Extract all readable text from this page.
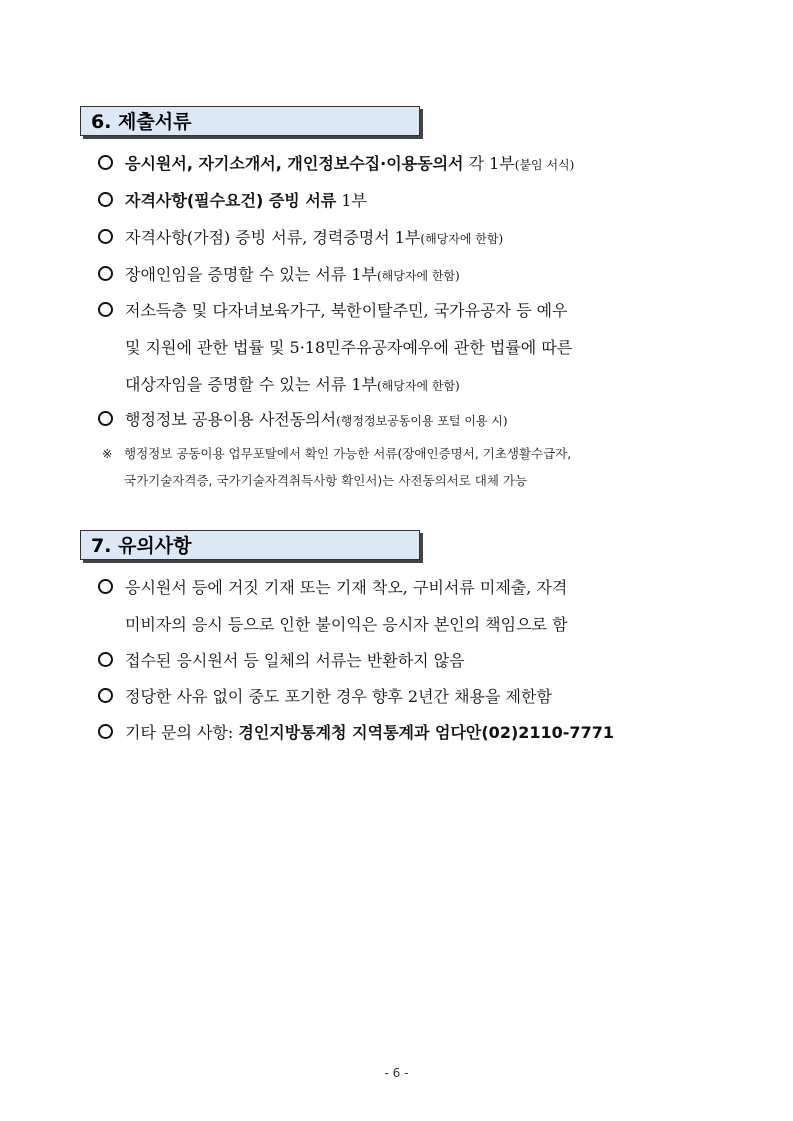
6. 제출서류
응시원서, 자기소개서, 개인정보수집·이용동의서 각 1부(붙임 서식)
자격사항(필수요건) 증빙 서류 1부
자격사항(가점) 증빙 서류, 경력증명서 1부(해당자에 한함)
장애인임을 증명할 수 있는 서류 1부(해당자에 한함)
저소득층 및 다자녀보육가구, 북한이탈주민, 국가유공자 등 예우
및 지원에 관한 법률 및 5·18민주유공자예우에 관한 법률에 따른
대상자임을 증명할 수 있는 서류 1부(해당자에 한함)
행정정보 공용이용 사전동의서(행정정보공동이용 포털 이용 시)
※ 행정정보 공동이용 업무포탈에서 확인 가능한 서류(장애인증명서, 기초생활수급자,
국가기술자격증, 국가기술자격취득사항 확인서)는 사전동의서로 대체 가능
7. 유의사항
응시원서 등에 거짓 기재 또는 기재 착오, 구비서류 미제출, 자격
미비자의 응시 등으로 인한 불이익은 응시자 본인의 책임으로 함
접수된 응시원서 등 일체의 서류는 반환하지 않음
정당한 사유 없이 중도 포기한 경우 향후 2년간 채용을 제한함
기타 문의 사항: 경인지방통계청 지역통계과 엄다안(02)2110-7771
- 6 -
